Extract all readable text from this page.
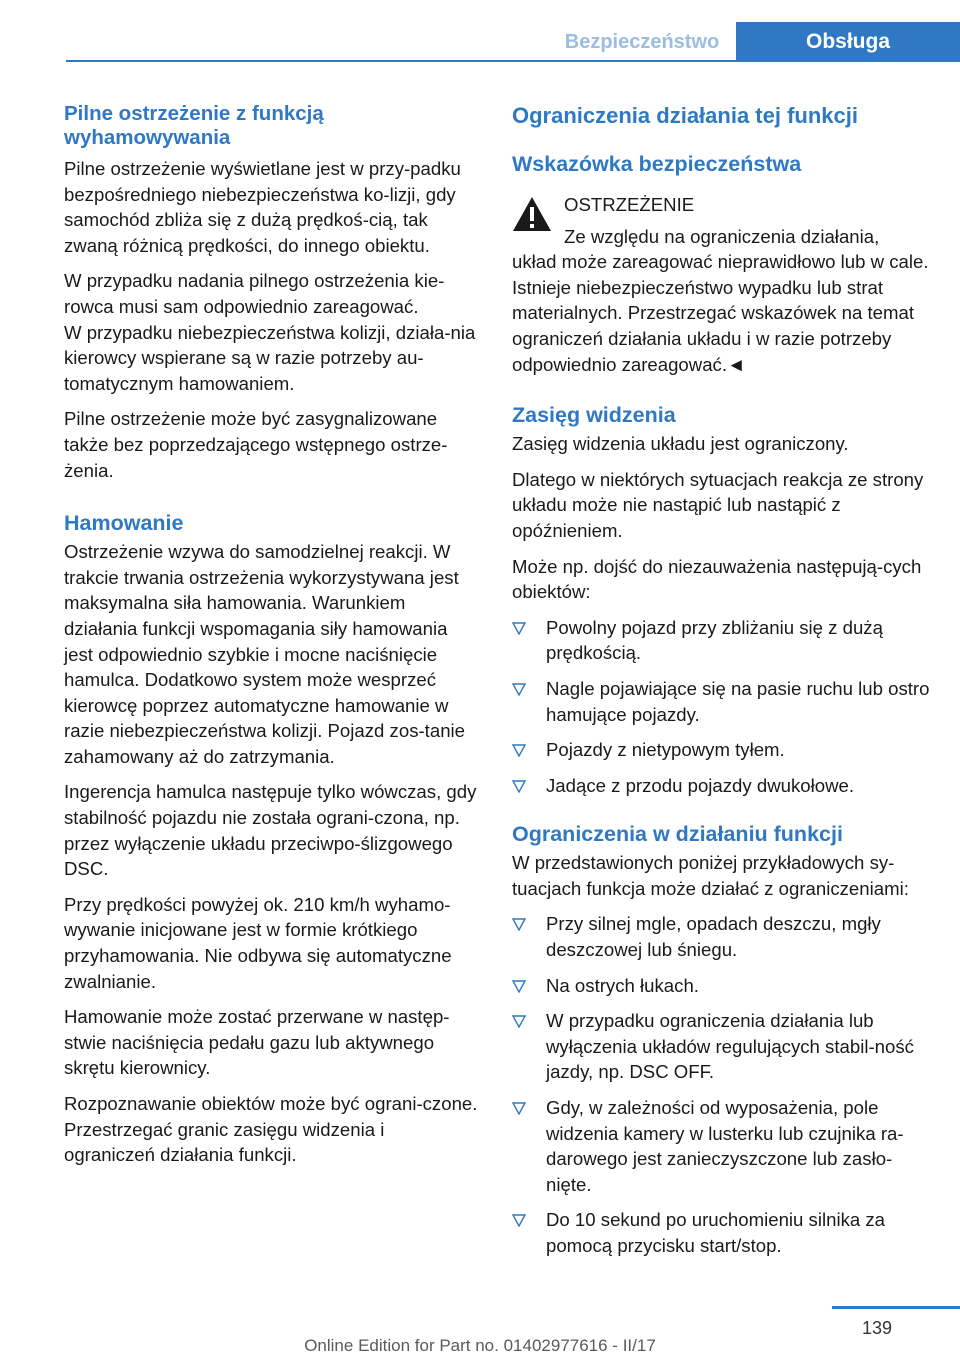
Bezpieczeństwo	Obsługa
Pilne ostrzeżenie z funkcją wyhamowywania

Pilne ostrzeżenie wyświetlane jest w przy-padku bezpośredniego niebezpieczeństwa ko-lizji, gdy samochód zbliża się z dużą prędkoś-cią, tak zwaną różnicą prędkości, do innego obiektu.

W przypadku nadania pilnego ostrzeżenia kie-rowca musi sam odpowiednio zareagować.

W przypadku niebezpieczeństwa kolizji, działa-nia kierowcy wspierane są w razie potrzeby au-tomatycznym hamowaniem.

Pilne ostrzeżenie może być zasygnalizowane także bez poprzedzającego wstępnego ostrze-żenia.

Hamowanie

Ostrzeżenie wzywa do samodzielnej reakcji. W trakcie trwania ostrzeżenia wykorzystywana jest maksymalna siła hamowania. Warunkiem działania funkcji wspomagania siły hamowania jest odpowiednio szybkie i mocne naciśnięcie hamulca. Dodatkowo system może wesprzeć kierowcę poprzez automatyczne hamowanie w razie niebezpieczeństwa kolizji. Pojazd zos-tanie zahamowany aż do zatrzymania.

Ingerencja hamulca następuje tylko wówczas, gdy stabilność pojazdu nie została ograni-czona, np. przez wyłączenie układu przeciwpo-ślizgowego DSC.

Przy prędkości powyżej ok. 210 km/h wyhamo-wywanie inicjowane jest w formie krótkiego przyhamowania. Nie odbywa się automatyczne zwalnianie.

Hamowanie może zostać przerwane w następ-stwie naciśnięcia pedału gazu lub aktywnego skrętu kierownicy.

Rozpoznawanie obiektów może być ograni-czone. Przestrzegać granic zasięgu widzenia i ograniczeń działania funkcji.

Ograniczenia działania tej funkcji
Wskazówka bezpieczeństwa

OSTRZEŻENIE

Ze względu na ograniczenia działania,

układ może zareagować nieprawidłowo lub w cale. Istnieje niebezpieczeństwo wypadku lub strat materialnych. Przestrzegać wskazówek na temat ograniczeń działania układu i w razie potrzeby odpowiednio zareagować.◄

Zasięg widzenia

Zasięg widzenia układu jest ograniczony.

Dlatego w niektórych sytuacjach reakcja ze strony układu może nie nastąpić lub nastąpić z opóźnieniem.

Może np. dojść do niezauważenia następują-cych obiektów:

Powolny pojazd przy zbliżaniu się z dużą prędkością.
Nagle pojawiające się na pasie ruchu lub ostro hamujące pojazdy.
Pojazdy z nietypowym tyłem.
Jadące z przodu pojazdy dwukołowe.
Ograniczenia w działaniu funkcji

W przedstawionych poniżej przykładowych sy-tuacjach funkcja może działać z ograniczeniami:

Przy silnej mgle, opadach deszczu, mgły deszczowej lub śniegu.
Na ostrych łukach.
W przypadku ograniczenia działania lub wyłączenia układów regulujących stabil-ność jazdy, np. DSC OFF.
Gdy, w zależności od wyposażenia, pole widzenia kamery w lusterku lub czujnika ra-darowego jest zanieczyszczone lub zasło-nięte.
Do 10 sekund po uruchomieniu silnika za pomocą przycisku start/stop.
139
Online Edition for Part no. 01402977616 - II/17
